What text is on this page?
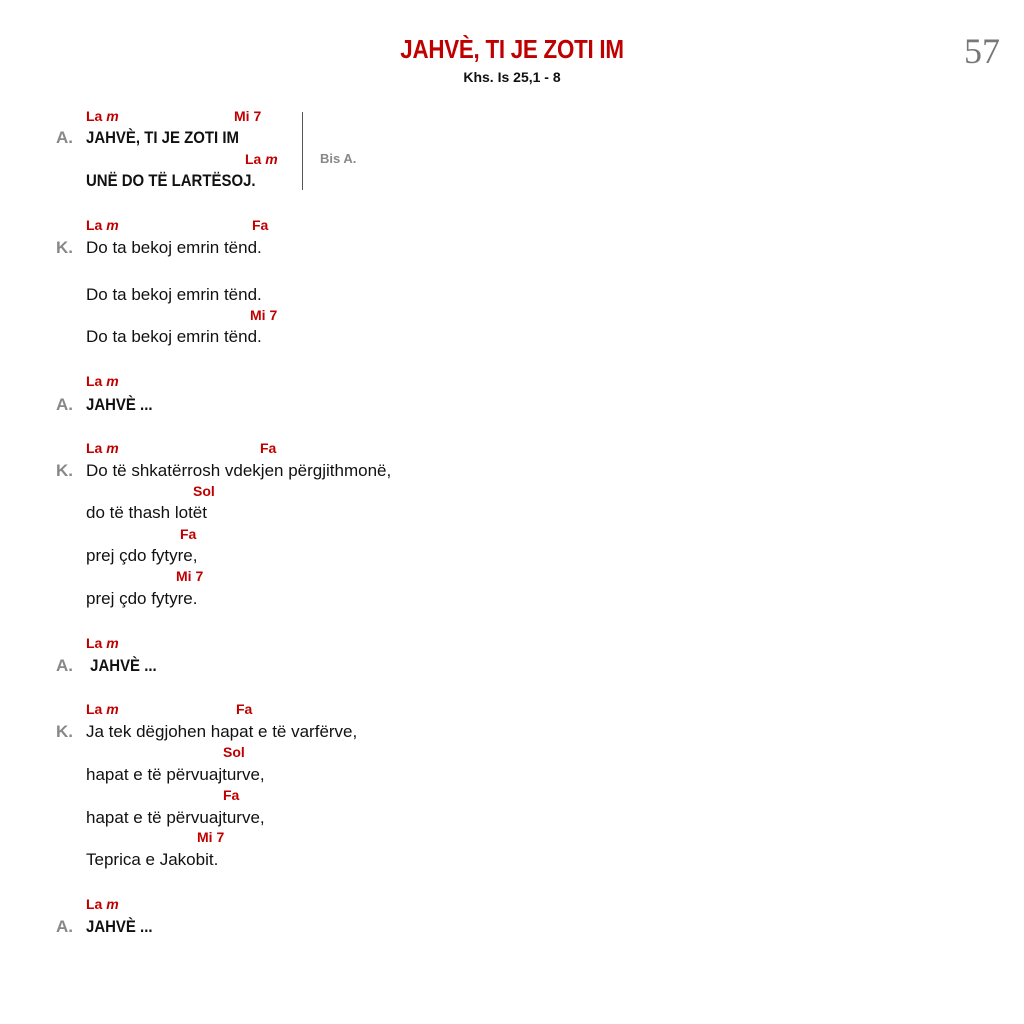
JAHVÈ, TI JE ZOTI IM
Khs. Is 25,1 - 8
57
La m	Mi 7
A. JAHVÈ, TI JE ZOTI IM
La m
UNË DO TË LARTËSOJ.
Bis A.
La m	Fa
K. Do ta bekoj emrin tënd.
Do ta bekoj emrin tënd.
Mi 7
Do ta bekoj emrin tënd.
La m
A. JAHVÈ ...
La m	Fa
K. Do të shkatërrosh vdekjen përgjithmonë,
Sol
do të thash lotët
Fa
prej çdo fytyre,
Mi 7
prej çdo fytyre.
La m
A. JAHVÈ ...
La m	Fa
K. Ja tek dëgjohen hapat e të varfërve,
Sol
hapat e të përvuajturve,
Fa
hapat e të përvuajturve,
Mi 7
Teprica e Jakobit.
La m
A. JAHVÈ ...
